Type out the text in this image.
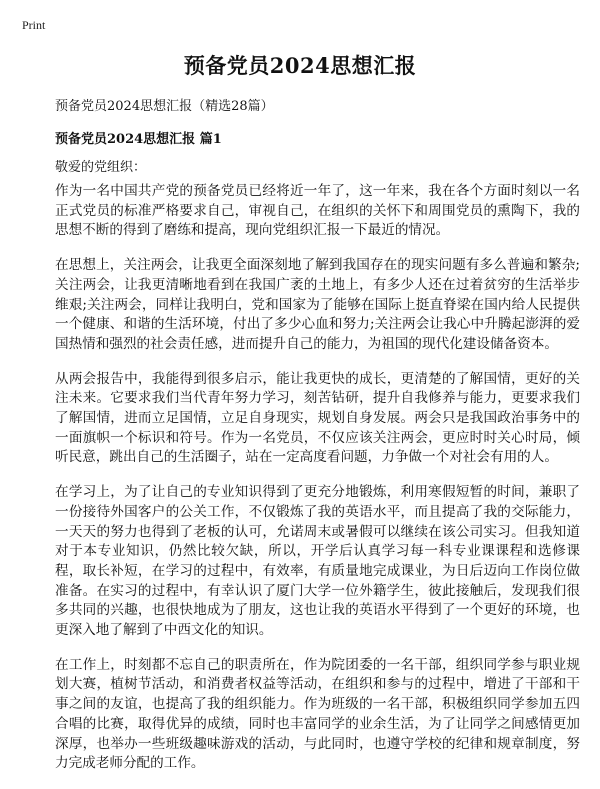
Print
预备党员2024思想汇报
预备党员2024思想汇报（精选28篇）
预备党员2024思想汇报 篇1
敬爱的党组织：

作为一名中国共产党的预备党员已经将近一年了，这一年来，我在各个方面时刻以一名正式党员的标准严格要求自己，审视自己，在组织的关怀下和周围党员的熏陶下，我的思想不断的得到了磨练和提高，现向党组织汇报一下最近的情况。

在思想上，关注两会，让我更全面深刻地了解到我国存在的现实问题有多么普遍和繁杂;关注两会，让我更清晰地看到在我国广袤的土地上，有多少人还在过着贫穷的生活举步维艰;关注两会，同样让我明白，党和国家为了能够在国际上挺直脊梁在国内给人民提供一个健康、和谐的生活环境，付出了多少心血和努力;关注两会让我心中升腾起澎湃的爱国热情和强烈的社会责任感，进而提升自己的能力，为祖国的现代化建设储备资本。

从两会报告中，我能得到很多启示，能让我更快的成长，更清楚的了解国情，更好的关注未来。它要求我们当代青年努力学习，刻苦钻研，提升自我修养与能力，更要求我们了解国情，进而立足国情，立足自身现实，规划自身发展。两会只是我国政治事务中的一面旗帜一个标识和符号。作为一名党员，不仅应该关注两会，更应时时关心时局，倾听民意，跳出自己的生活圈子，站在一定高度看问题，力争做一个对社会有用的人。

在学习上，为了让自己的专业知识得到了更充分地锻炼，利用寒假短暂的时间，兼职了一份接待外国客户的公关工作，不仅锻炼了我的英语水平，而且提高了我的交际能力，一天天的努力也得到了老板的认可，允诺周末或暑假可以继续在该公司实习。但我知道对于本专业知识，仍然比较欠缺，所以，开学后认真学习每一科专业课课程和选修课程，取长补短，在学习的过程中，有效率，有质量地完成课业，为日后迈向工作岗位做准备。在实习的过程中，有幸认识了厦门大学一位外籍学生，彼此接触后，发现我们很多共同的兴趣，也很快地成为了朋友，这也让我的英语水平得到了一个更好的环境，也更深入地了解到了中西文化的知识。

在工作上，时刻都不忘自己的职责所在，作为院团委的一名干部，组织同学参与职业规划大赛，植树节活动，和消费者权益等活动，在组织和参与的过程中，增进了干部和干事之间的友谊，也提高了我的组织能力。作为班级的一名干部，积极组织同学参加五四合唱的比赛，取得优异的成绩，同时也丰富同学的业余生活，为了让同学之间感情更加深厚，也举办一些班级趣味游戏的活动，与此同时，也遵守学校的纪律和规章制度，努力完成老师分配的工作。
